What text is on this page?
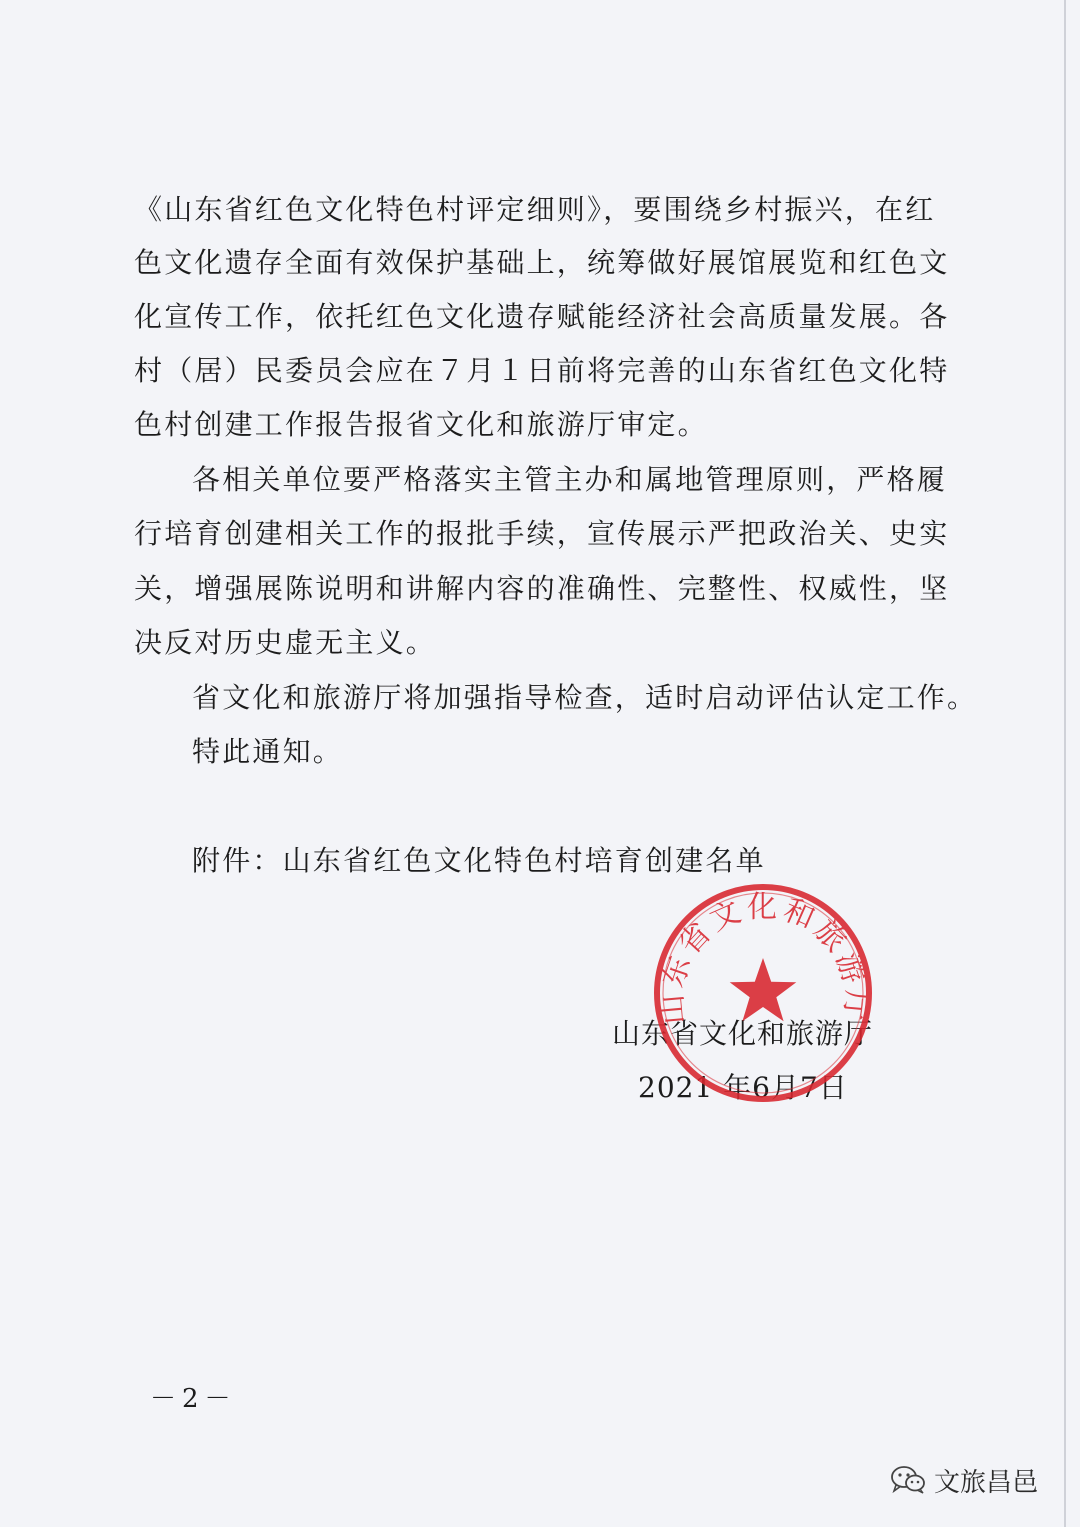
《山东省红色文化特色村评定细则》，要围绕乡村振兴，在红
色文化遗存全面有效保护基础上，统筹做好展馆展览和红色文
化宣传工作，依托红色文化遗存赋能经济社会高质量发展。各
村（居）民委员会应在７月１日前将完善的山东省红色文化特
色村创建工作报告报省文化和旅游厅审定。
各相关单位要严格落实主管主办和属地管理原则，严格履
行培育创建相关工作的报批手续，宣传展示严把政治关、史实
关，增强展陈说明和讲解内容的准确性、完整性、权威性，坚
决反对历史虚无主义。
省文化和旅游厅将加强指导检查，适时启动评估认定工作。
特此通知。
附件：山东省红色文化特色村培育创建名单
山东省文化和旅游厅
2021 年6月7日
山东省文化和旅游厅
－2－
文旅昌邑
